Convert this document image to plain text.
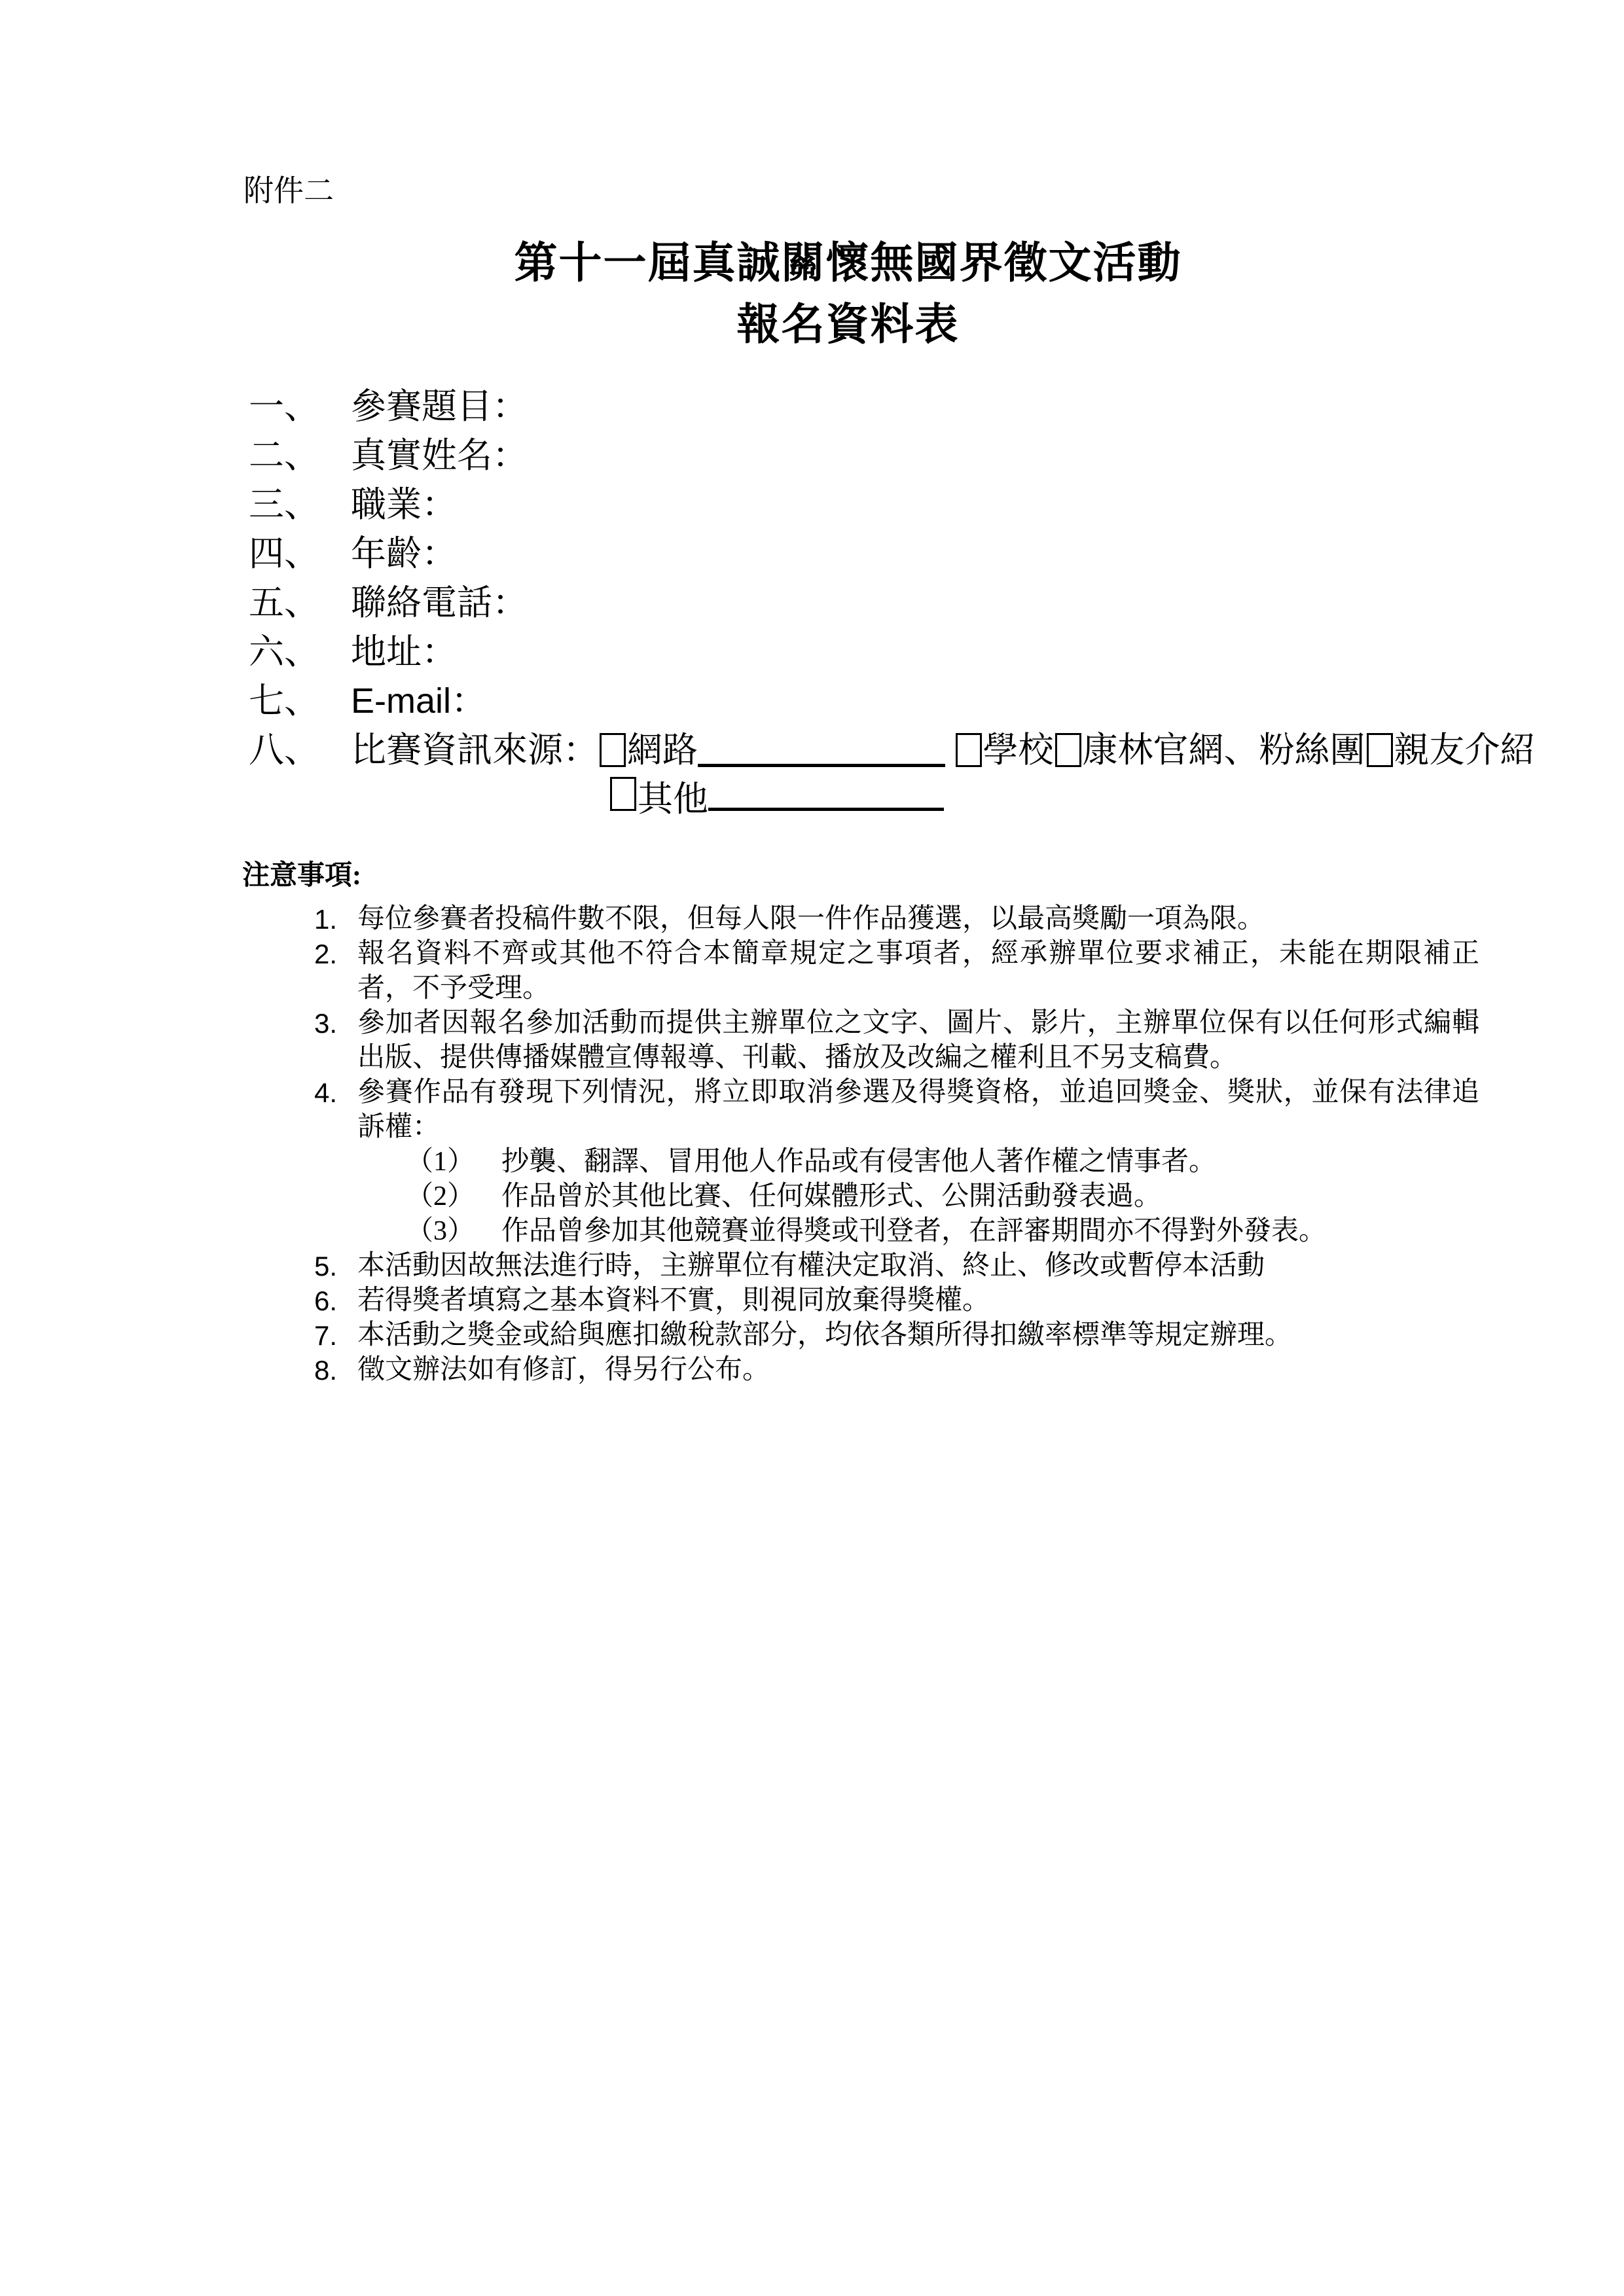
附件二
第十一屆真誠關懷無國界徵文活動
報名資料表
一、 參賽題目：
二、 真實姓名：
三、 職業：
四、 年齡：
五、 聯絡電話：
六、 地址：
七、 E-mail：
八、 比賽資訊來源： 網路	學校 康林官網、粉絲團 親友介紹
其他
注意事項:
1. 每位參賽者投稿件數不限，但每人限一件作品獲選，以最高獎勵一項為限。
2. 報名資料不齊或其他不符合本簡章規定之事項者，經承辦單位要求補正，未能在期限補正者，不予受理。
3. 參加者因報名參加活動而提供主辦單位之文字、圖片、影片，主辦單位保有以任何形式編輯出版、提供傳播媒體宣傳報導、刊載、播放及改編之權利且不另支稿費。
4. 參賽作品有發現下列情況，將立即取消參選及得獎資格，並追回獎金、獎狀，並保有法律追訴權：
（1） 抄襲、翻譯、冒用他人作品或有侵害他人著作權之情事者。
（2） 作品曾於其他比賽、任何媒體形式、公開活動發表過。
（3） 作品曾參加其他競賽並得獎或刊登者，在評審期間亦不得對外發表。
5. 本活動因故無法進行時，主辦單位有權決定取消、終止、修改或暫停本活動
6. 若得獎者填寫之基本資料不實，則視同放棄得獎權。
7. 本活動之獎金或給與應扣繳稅款部分，均依各類所得扣繳率標準等規定辦理。
8. 徵文辦法如有修訂，得另行公布。
